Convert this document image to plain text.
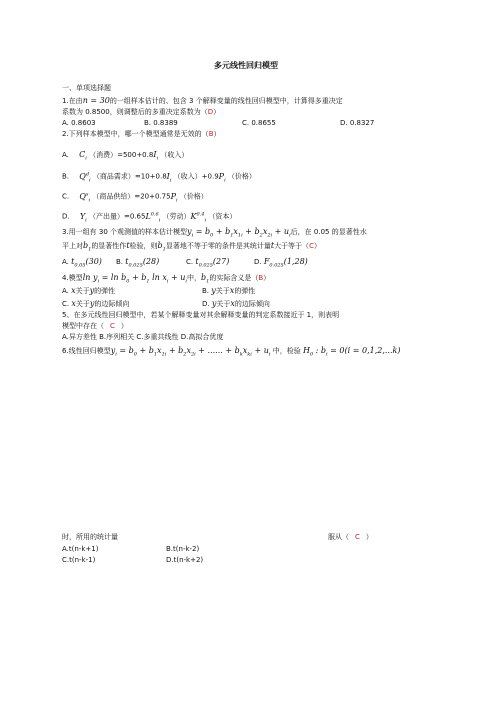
多元线性回归模型
一、单项选择题
1.在由n = 30的一组样本估计的、包含 3 个解释变量的线性回归模型中，计算得多重决定
系数为 0.8500，则调整后的多重决定系数为（D）
A. 0.8603	B. 0.8389	C. 0.8655	D. 0.8327
2.下列样本模型中，哪一个模型通常是无效的（B）
A. $C_i$ （消费）$=500+0.8I_i$ （收入）
B. $Q^d_i$ （商品需求）$=10+0.8I_i$ （收入）$+0.9P_i$ （价格）
C. $Q^s_i$ （商品供给）$=20+0.75P_i$ （价格）
D. $Y_i$ （产出量）$=0.65L^{0.6}_i$ （劳动）$K^{0.4}_i$ （资本）
3.用一组有 30 个观测值的样本估计模型$y_i = b_0 + b_1x_{1i} + b_2x_{2i} + u_i$后，在 0.05 的显著性水
平上对$b_1$的显著性作t检验，则$b_1$显著地不等于零的条件是其统计量t大于等于（C）
A. $t_{0.05}(30)$ B. $t_{0.025}(28)$	C. $t_{0.025}(27)$	D. $F_{0.025}(1,28)$
4.模型$\ln y_i = \ln b_0 + b_1$ $\ln x_i + u_i$中，$b_1$的实际含义是（B）
A. x关于y的弹性	B. y关于x的弹性
C. x关于y的边际倾向	D. y关于x的边际倾向
5、在多元线性回归模型中，若某个解释变量对其余解释变量的判定系数接近于 1，则表明
模型中存在（ C ）
A.异方差性 B.序列相关 C.多重共线性 D.高拟合优度
6.线性回归模型$y_i = b_0 + b_1x_{1i} + b_2x_{2i}$ + ...... + $b_kx_{ki} + u_i$ 中，检验 $H_0$ : $b_i = 0(i = 0,1,2,...k)$
时，所用的统计量	服从（ C ）
A.t(n-k+1)	B.t(n-k-2)
C.t(n-k-1)	D.t(n-k+2)
